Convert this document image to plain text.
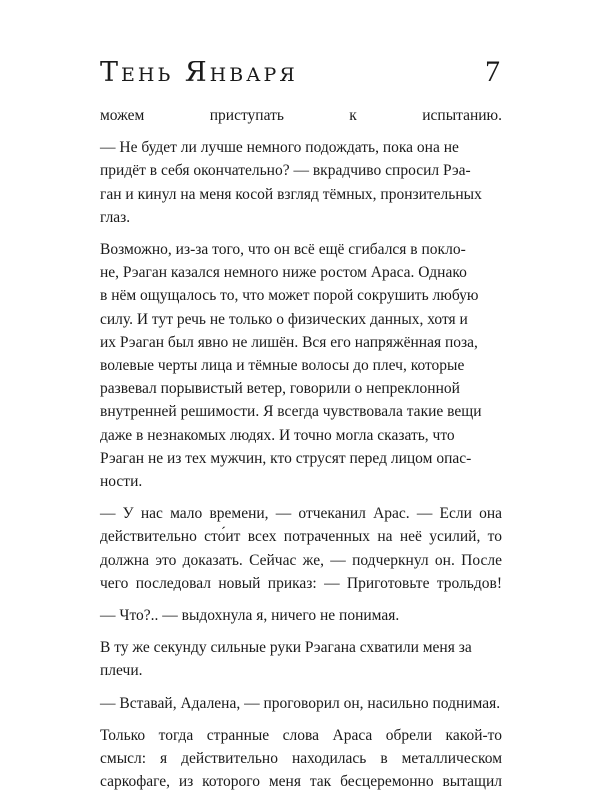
Тень Января	7

можем приступать к испытанию.

— Не будет ли лучше немного подождать, пока она не
придёт в себя окончательно? — вкрадчиво спросил Рэа-
ган и кинул на меня косой взгляд тёмных, пронзительных
глаз.

Возможно, из-за того, что он всё ещё сгибался в покло-
не, Рэаган казался немного ниже ростом Араса. Однако
в нём ощущалось то, что может порой сокрушить любую
силу. И тут речь не только о физических данных, хотя и
их Рэаган был явно не лишён. Вся его напряжённая поза,
волевые черты лица и тёмные волосы до плеч, которые
развевал порывистый ветер, говорили о непреклонной
внутренней решимости. Я всегда чувствовала такие вещи
даже в незнакомых людях. И точно могла сказать, что
Рэаган не из тех мужчин, кто струсят перед лицом опас-
ности.

— У нас мало времени, — отчеканил Арас. — Если она
действительно сто́ит всех потраченных на неё усилий, то
должна это доказать. Сейчас же, — подчеркнул он. После
чего последовал новый приказ: — Приготовьте трольдов!

— Что?.. — выдохнула я, ничего не понимая.

В ту же секунду сильные руки Рэагана схватили меня за
плечи.

— Вставай, Адалена, — проговорил он, насильно поднимая.

Только тогда странные слова Араса обрели какой-то
смысл: я действительно находилась в металлическом
саркофаге, из которого меня так бесцеремонно вытащил
